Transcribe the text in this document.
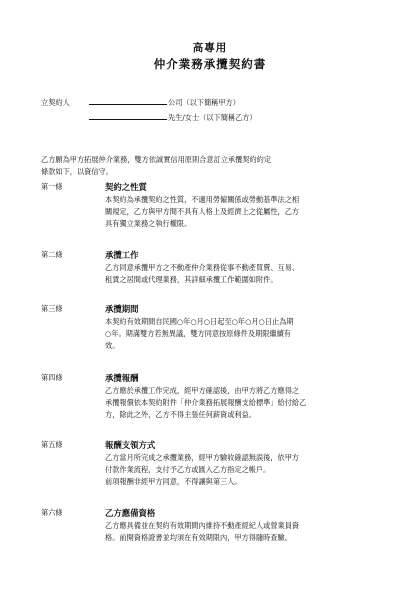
高專用
仲介業務承攬契約書
立契約人	公司（以下簡稱甲方）
先生/女士（以下簡稱乙方）
乙方願為甲方拓展仲介業務，雙方依誠實信用原則合意訂立承攬契約約定
條款如下，以資信守。
第一條	契約之性質
本契約為承攬契約之性質，不適用勞僱關係或勞動基準法之相
關規定，乙方與甲方間不具有人格上及經濟上之從屬性，乙方
具有獨立業務之執行權限。
第二條	承攬工作
乙方同意承攬甲方之不動產仲介業務從事不動產買賣、互易、
租賃之居間或代理業務，其詳細承攬工作範圍如附件。
第三條	承攬期間
本契約有效期間自民國○年○月○日起至○年○月○日止為期
○年。期滿雙方若無異議，雙方同意按原條件及期限繼續有
效。
第四條	承攬報酬
乙方應於承攬工作完成，經甲方確認後，由甲方將乙方應得之
承攬報償依本契約附件「仲介業務拓展報酬支給標準」給付給乙
方，除此之外，乙方不得主張任何薪資或利益。
第五條	報酬支領方式
乙方當月所完成之承攬業務，經甲方驗收確認無誤後，依甲方
付款作業流程，支付予乙方或匯入乙方指定之帳戶。
前項報酬非經甲方同意，不得讓與第三人。
第六條	乙方應備資格
乙方應具備並在契約有效期間內維持不動產經紀人或營業員資
格。前開資格證書並均須在有效期限內，甲方得隨時查驗。
